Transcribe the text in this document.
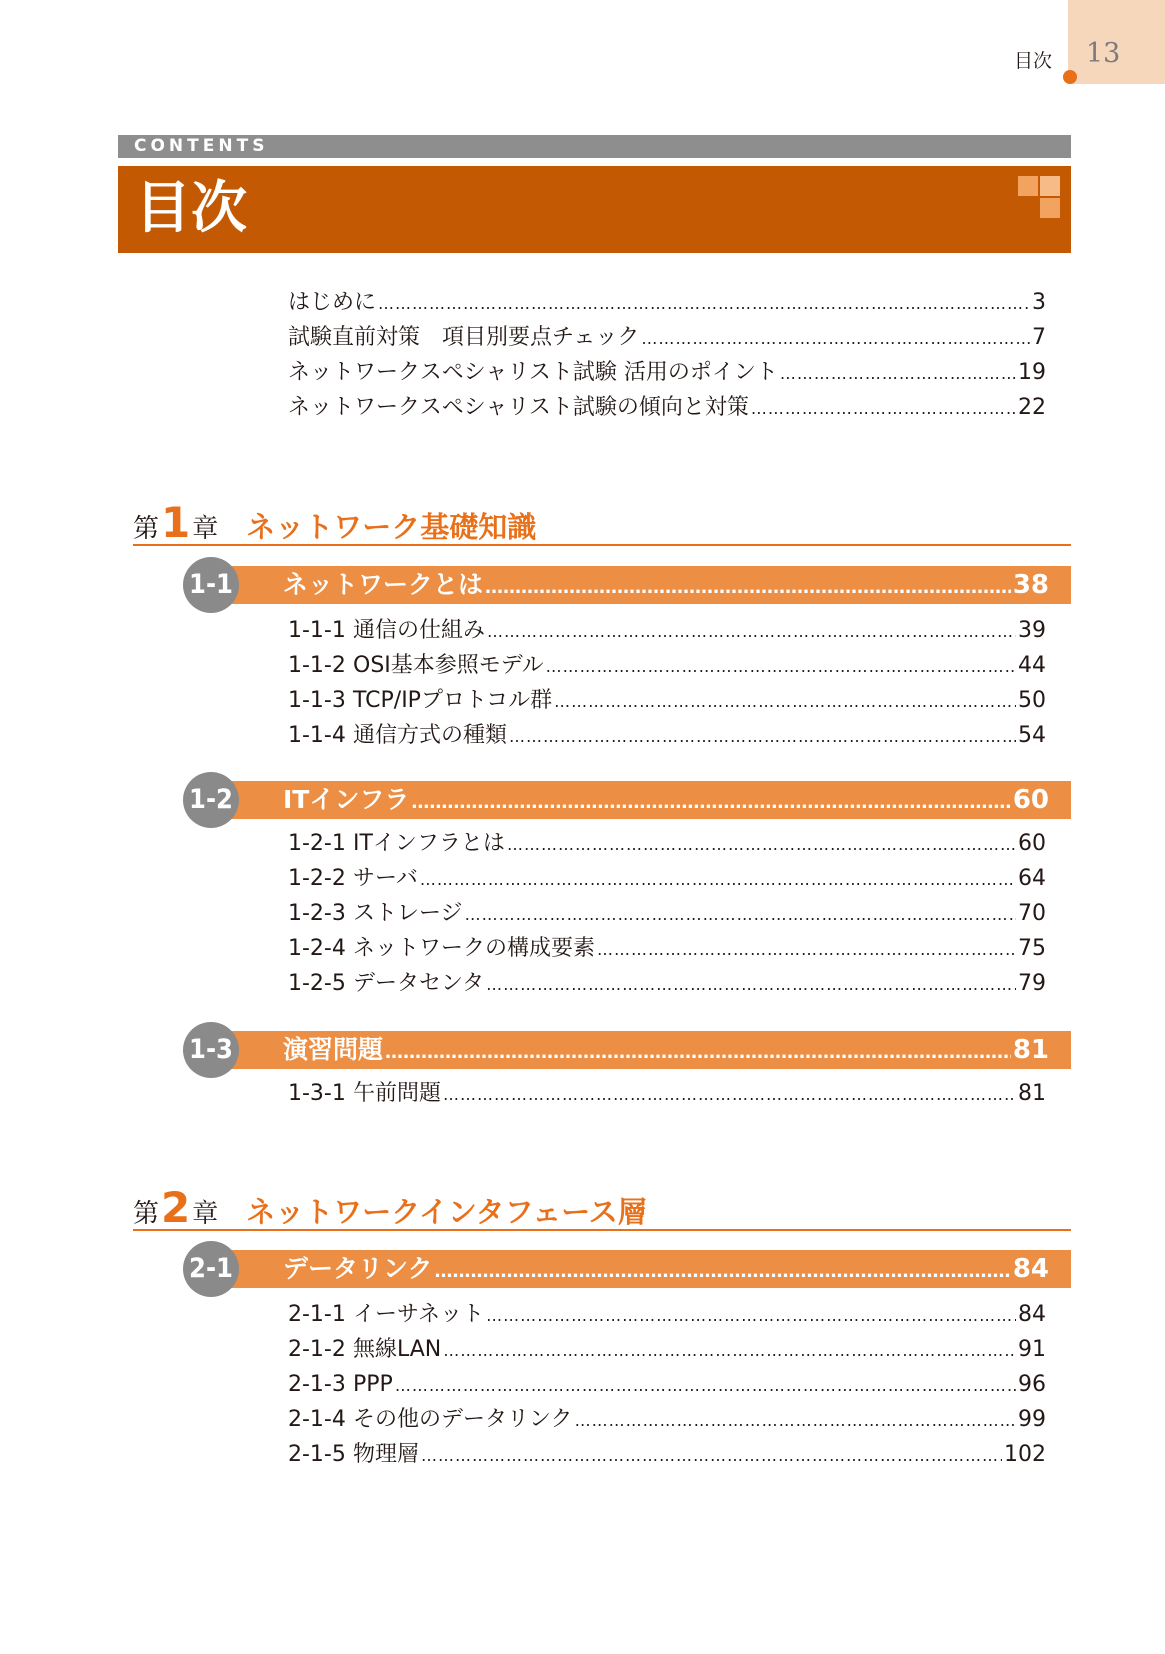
目次 13
CONTENTS
目次
はじめに …………………………………………………………………………………………………………………………………………………………	3
試験直前対策　項目別要点チェック …………………………………………………………………………………………………………………………………………………………	7
ネットワークスペシャリスト試験 活用のポイント …………………………………………………………………………………………………………………………………………………………	19
ネットワークスペシャリスト試験の傾向と対策 …………………………………………………………………………………………………………………………………………………………	22
第 1 章 ネットワーク基礎知識
1-1 ネットワークとは ……………………………………………………………………………………………………………………………………………………	38
1-1-1 通信の仕組み …………………………………………………………………………………………………………………………………………………………	39
1-1-2 OSI基本参照モデル …………………………………………………………………………………………………………………………………………………………	44
1-1-3 TCP/IPプロトコル群 …………………………………………………………………………………………………………………………………………………………	50
1-1-4 通信方式の種類 …………………………………………………………………………………………………………………………………………………………	54
1-2 ITインフラ ……………………………………………………………………………………………………………………………………………………	60
1-2-1 ITインフラとは …………………………………………………………………………………………………………………………………………………………	60
1-2-2 サーバ …………………………………………………………………………………………………………………………………………………………	64
1-2-3 ストレージ …………………………………………………………………………………………………………………………………………………………	70
1-2-4 ネットワークの構成要素 …………………………………………………………………………………………………………………………………………………………	75
1-2-5 データセンタ …………………………………………………………………………………………………………………………………………………………	79
1-3 演習問題 ……………………………………………………………………………………………………………………………………………………	81
1-3-1 午前問題 …………………………………………………………………………………………………………………………………………………………	81
第 2 章 ネットワークインタフェース層
2-1 データリンク ……………………………………………………………………………………………………………………………………………………	84
2-1-1 イーサネット …………………………………………………………………………………………………………………………………………………………	84
2-1-2 無線LAN …………………………………………………………………………………………………………………………………………………………	91
2-1-3 PPP …………………………………………………………………………………………………………………………………………………………	96
2-1-4 その他のデータリンク …………………………………………………………………………………………………………………………………………………………	99
2-1-5 物理層 …………………………………………………………………………………………………………………………………………………………	102
